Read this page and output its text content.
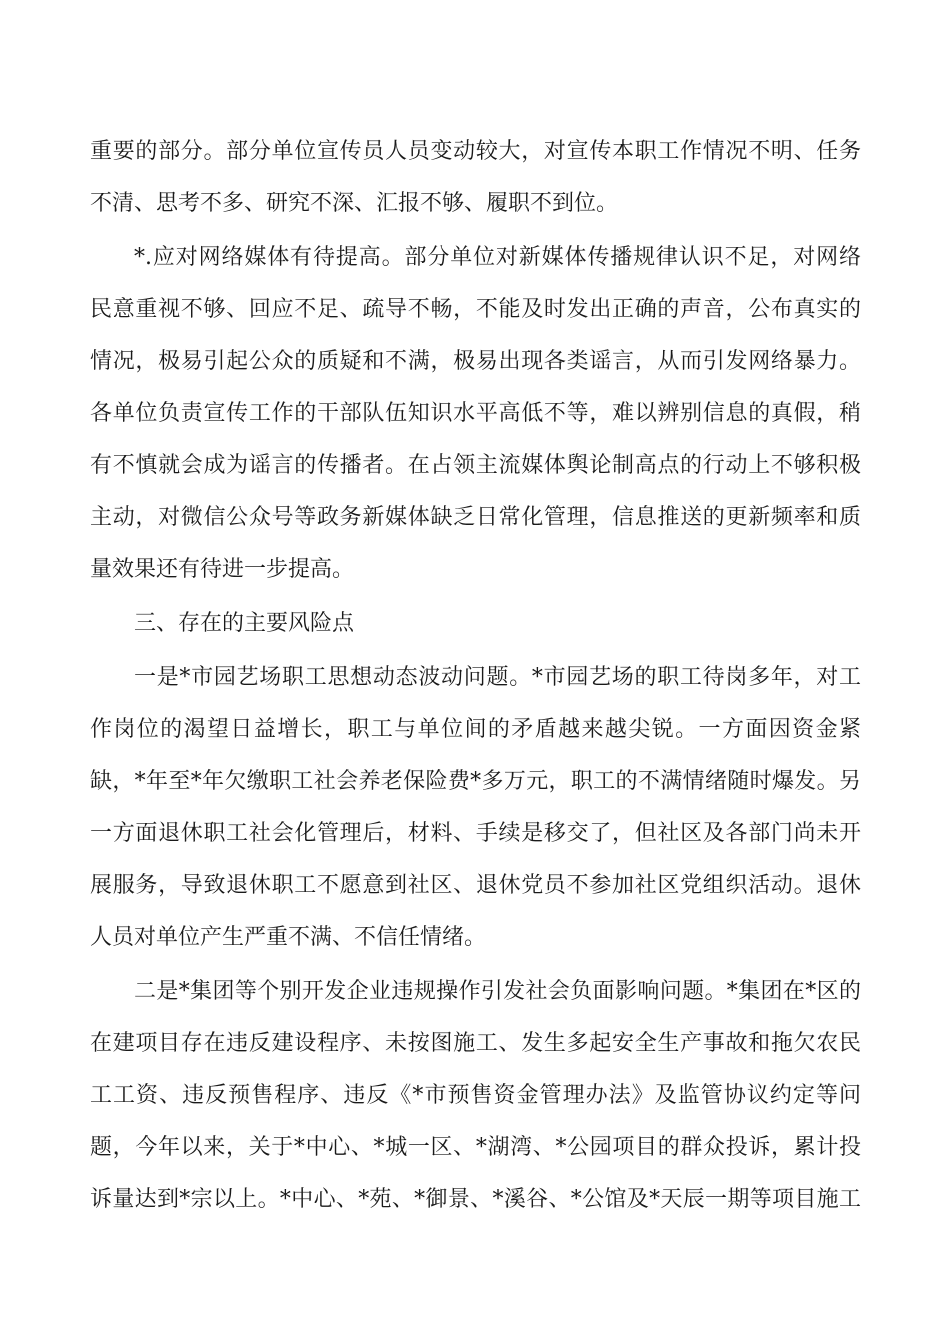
重要的部分。部分单位宣传员人员变动较大，对宣传本职工作情况不明、任务
不清、思考不多、研究不深、汇报不够、履职不到位。
*.应对网络媒体有待提高。部分单位对新媒体传播规律认识不足，对网络
民意重视不够、回应不足、疏导不畅，不能及时发出正确的声音，公布真实的
情况，极易引起公众的质疑和不满，极易出现各类谣言，从而引发网络暴力。
各单位负责宣传工作的干部队伍知识水平高低不等，难以辨别信息的真假，稍
有不慎就会成为谣言的传播者。在占领主流媒体舆论制高点的行动上不够积极
主动，对微信公众号等政务新媒体缺乏日常化管理，信息推送的更新频率和质
量效果还有待进一步提高。
三、存在的主要风险点
一是*市园艺场职工思想动态波动问题。*市园艺场的职工待岗多年，对工
作岗位的渴望日益增长，职工与单位间的矛盾越来越尖锐。一方面因资金紧
缺，*年至*年欠缴职工社会养老保险费*多万元，职工的不满情绪随时爆发。另
一方面退休职工社会化管理后，材料、手续是移交了，但社区及各部门尚未开
展服务，导致退休职工不愿意到社区、退休党员不参加社区党组织活动。退休
人员对单位产生严重不满、不信任情绪。
二是*集团等个别开发企业违规操作引发社会负面影响问题。*集团在*区的
在建项目存在违反建设程序、未按图施工、发生多起安全生产事故和拖欠农民
工工资、违反预售程序、违反《*市预售资金管理办法》及监管协议约定等问
题，今年以来，关于*中心、*城一区、*湖湾、*公园项目的群众投诉，累计投
诉量达到*宗以上。*中心、*苑、*御景、*溪谷、*公馆及*天辰一期等项目施工
